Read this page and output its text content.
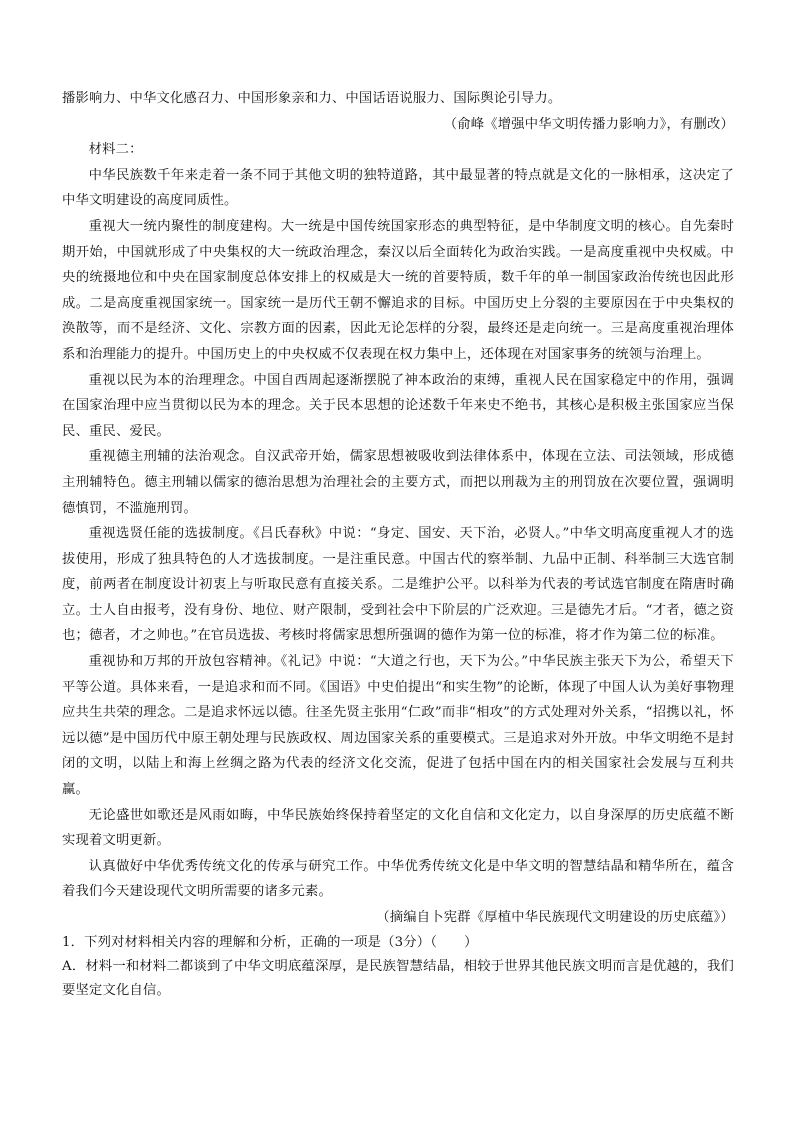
播影响力、中华文化感召力、中国形象亲和力、中国话语说服力、国际舆论引导力。

（俞峰《增强中华文明传播力影响力》，有删改）

材料二：

中华民族数千年来走着一条不同于其他文明的独特道路，其中最显著的特点就是文化的一脉相承，这决定了中华文明建设的高度同质性。

重视大一统内聚性的制度建构。大一统是中国传统国家形态的典型特征，是中华制度文明的核心。自先秦时期开始，中国就形成了中央集权的大一统政治理念，秦汉以后全面转化为政治实践。一是高度重视中央权威。中央的统摄地位和中央在国家制度总体安排上的权威是大一统的首要特质，数千年的单一制国家政治传统也因此形成。二是高度重视国家统一。国家统一是历代王朝不懈追求的目标。中国历史上分裂的主要原因在于中央集权的涣散等，而不是经济、文化、宗教方面的因素，因此无论怎样的分裂，最终还是走向统一。三是高度重视治理体系和治理能力的提升。中国历史上的中央权威不仅表现在权力集中上，还体现在对国家事务的统领与治理上。

重视以民为本的治理理念。中国自西周起逐渐摆脱了神本政治的束缚，重视人民在国家稳定中的作用，强调在国家治理中应当贯彻以民为本的理念。关于民本思想的论述数千年来史不绝书，其核心是积极主张国家应当保民、重民、爱民。

重视德主刑辅的法治观念。自汉武帝开始，儒家思想被吸收到法律体系中，体现在立法、司法领域，形成德主刑辅特色。德主刑辅以儒家的德治思想为治理社会的主要方式，而把以刑裁为主的刑罚放在次要位置，强调明德慎罚，不滥施刑罚。

重视选贤任能的选拔制度。《吕氏春秋》中说：“身定、国安、天下治，必贤人。”中华文明高度重视人才的选拔使用，形成了独具特色的人才选拔制度。一是注重民意。中国古代的察举制、九品中正制、科举制三大选官制度，前两者在制度设计初衷上与听取民意有直接关系。二是维护公平。以科举为代表的考试选官制度在隋唐时确立。士人自由报考，没有身份、地位、财产限制，受到社会中下阶层的广泛欢迎。三是德先才后。“才者，德之资也；德者，才之帅也。”在官员选拔、考核时将儒家思想所强调的德作为第一位的标准，将才作为第二位的标准。

重视协和万邦的开放包容精神。《礼记》中说：“大道之行也，天下为公。”中华民族主张天下为公，希望天下平等公道。具体来看，一是追求和而不同。《国语》中史伯提出“和实生物”的论断，体现了中国人认为美好事物理应共生共荣的理念。二是追求怀远以德。往圣先贤主张用“仁政”而非“相攻”的方式处理对外关系，“招携以礼，怀远以德”是中国历代中原王朝处理与民族政权、周边国家关系的重要模式。三是追求对外开放。中华文明绝不是封闭的文明，以陆上和海上丝绸之路为代表的经济文化交流，促进了包括中国在内的相关国家社会发展与互利共赢。

无论盛世如歌还是风雨如晦，中华民族始终保持着坚定的文化自信和文化定力，以自身深厚的历史底蕴不断实现着文明更新。

认真做好中华优秀传统文化的传承与研究工作。中华优秀传统文化是中华文明的智慧结晶和精华所在，蕴含着我们今天建设现代文明所需要的诸多元素。

（摘编自卜宪群《厚植中华民族现代文明建设的历史底蕴》）

1．下列对材料相关内容的理解和分析，正确的一项是（3分）（　　）

A．材料一和材料二都谈到了中华文明底蕴深厚，是民族智慧结晶，相较于世界其他民族文明而言是优越的，我们要坚定文化自信。
